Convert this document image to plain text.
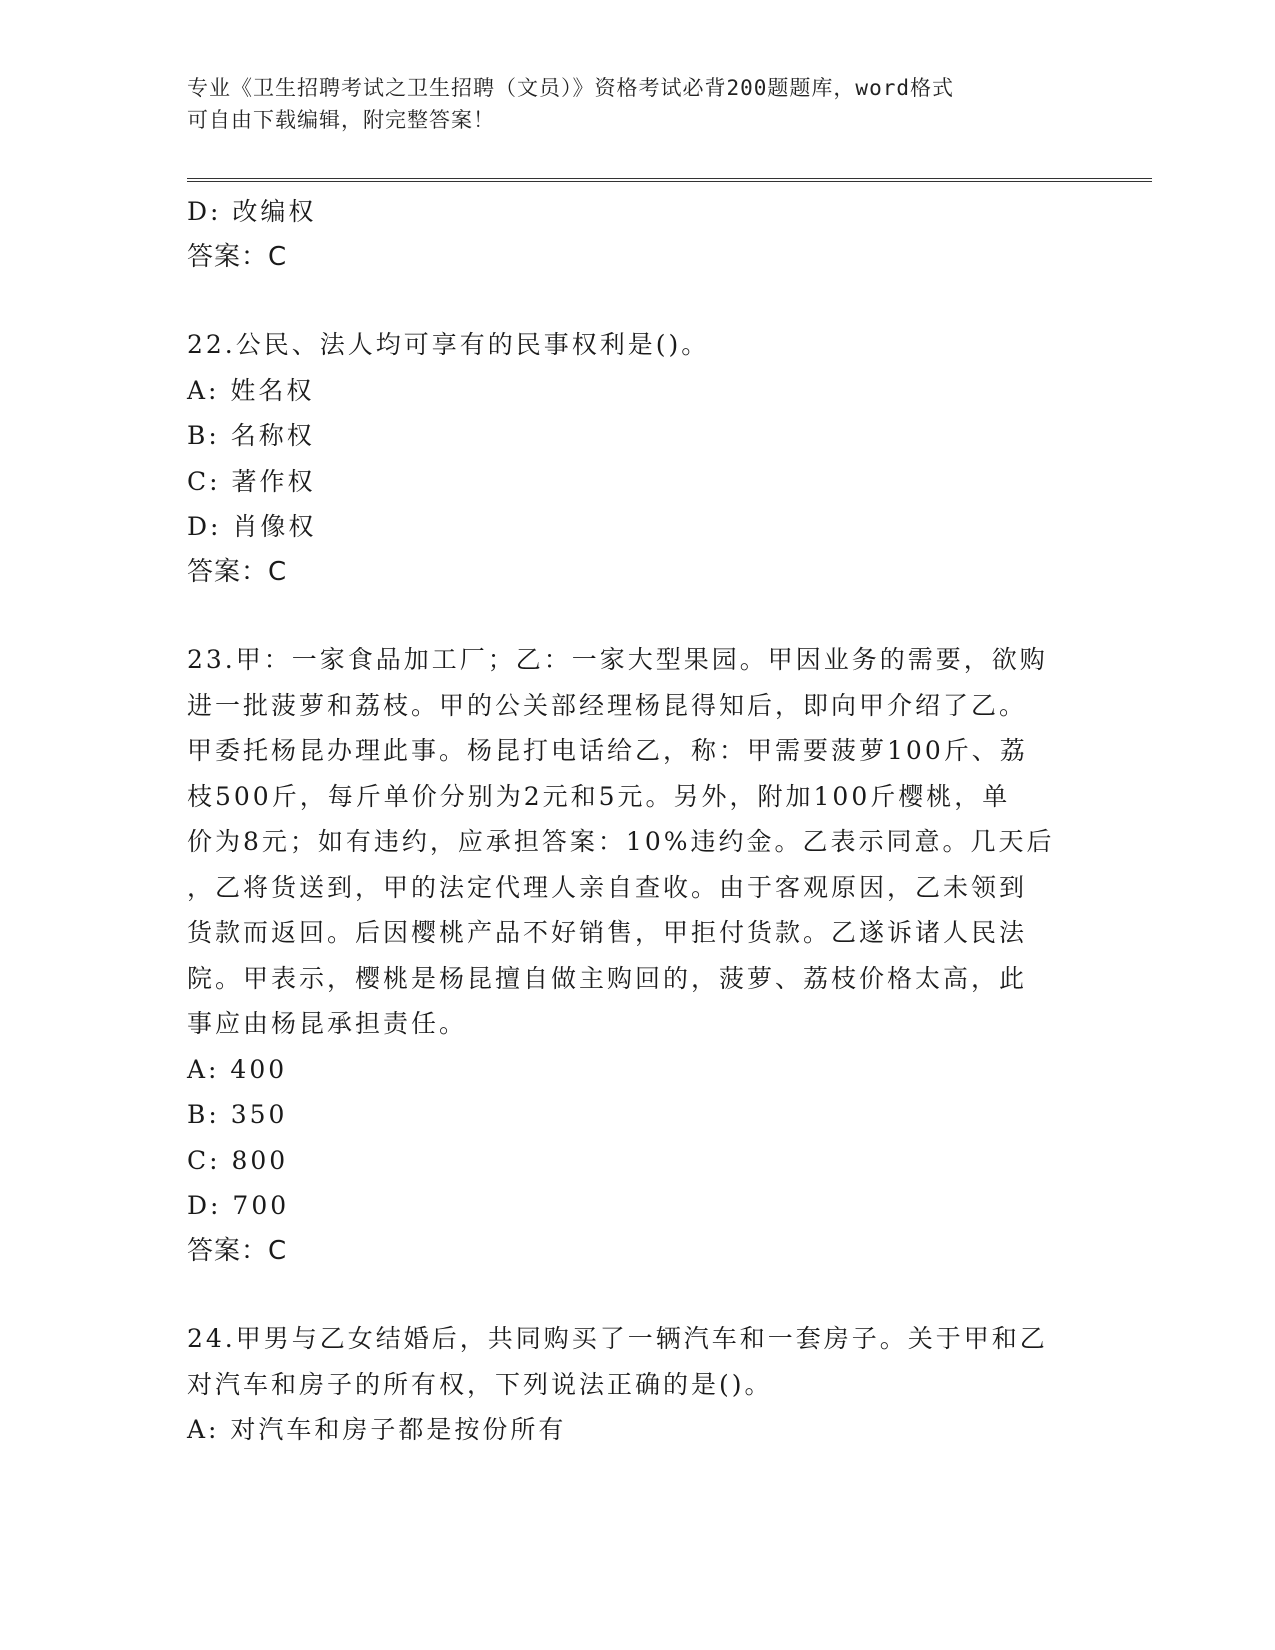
专业《卫生招聘考试之卫生招聘（文员）》资格考试必背200题题库，word格式
可自由下载编辑，附完整答案！
D: 改编权
答案：C
22.公民、法人均可享有的民事权利是()。
A: 姓名权
B: 名称权
C: 著作权
D: 肖像权
答案：C
23.甲：一家食品加工厂；乙：一家大型果园。甲因业务的需要，欲购
进一批菠萝和荔枝。甲的公关部经理杨昆得知后，即向甲介绍了乙。
甲委托杨昆办理此事。杨昆打电话给乙，称：甲需要菠萝100斤、荔
枝500斤，每斤单价分别为2元和5元。另外，附加100斤樱桃，单
价为8元；如有违约，应承担答案：10%违约金。乙表示同意。几天后
，乙将货送到，甲的法定代理人亲自查收。由于客观原因，乙未领到
货款而返回。后因樱桃产品不好销售，甲拒付货款。乙遂诉诸人民法
院。甲表示，樱桃是杨昆擅自做主购回的，菠萝、荔枝价格太高，此
事应由杨昆承担责任。
A: 400
B: 350
C: 800
D: 700
答案：C
24.甲男与乙女结婚后，共同购买了一辆汽车和一套房子。关于甲和乙
对汽车和房子的所有权，下列说法正确的是()。
A: 对汽车和房子都是按份所有
